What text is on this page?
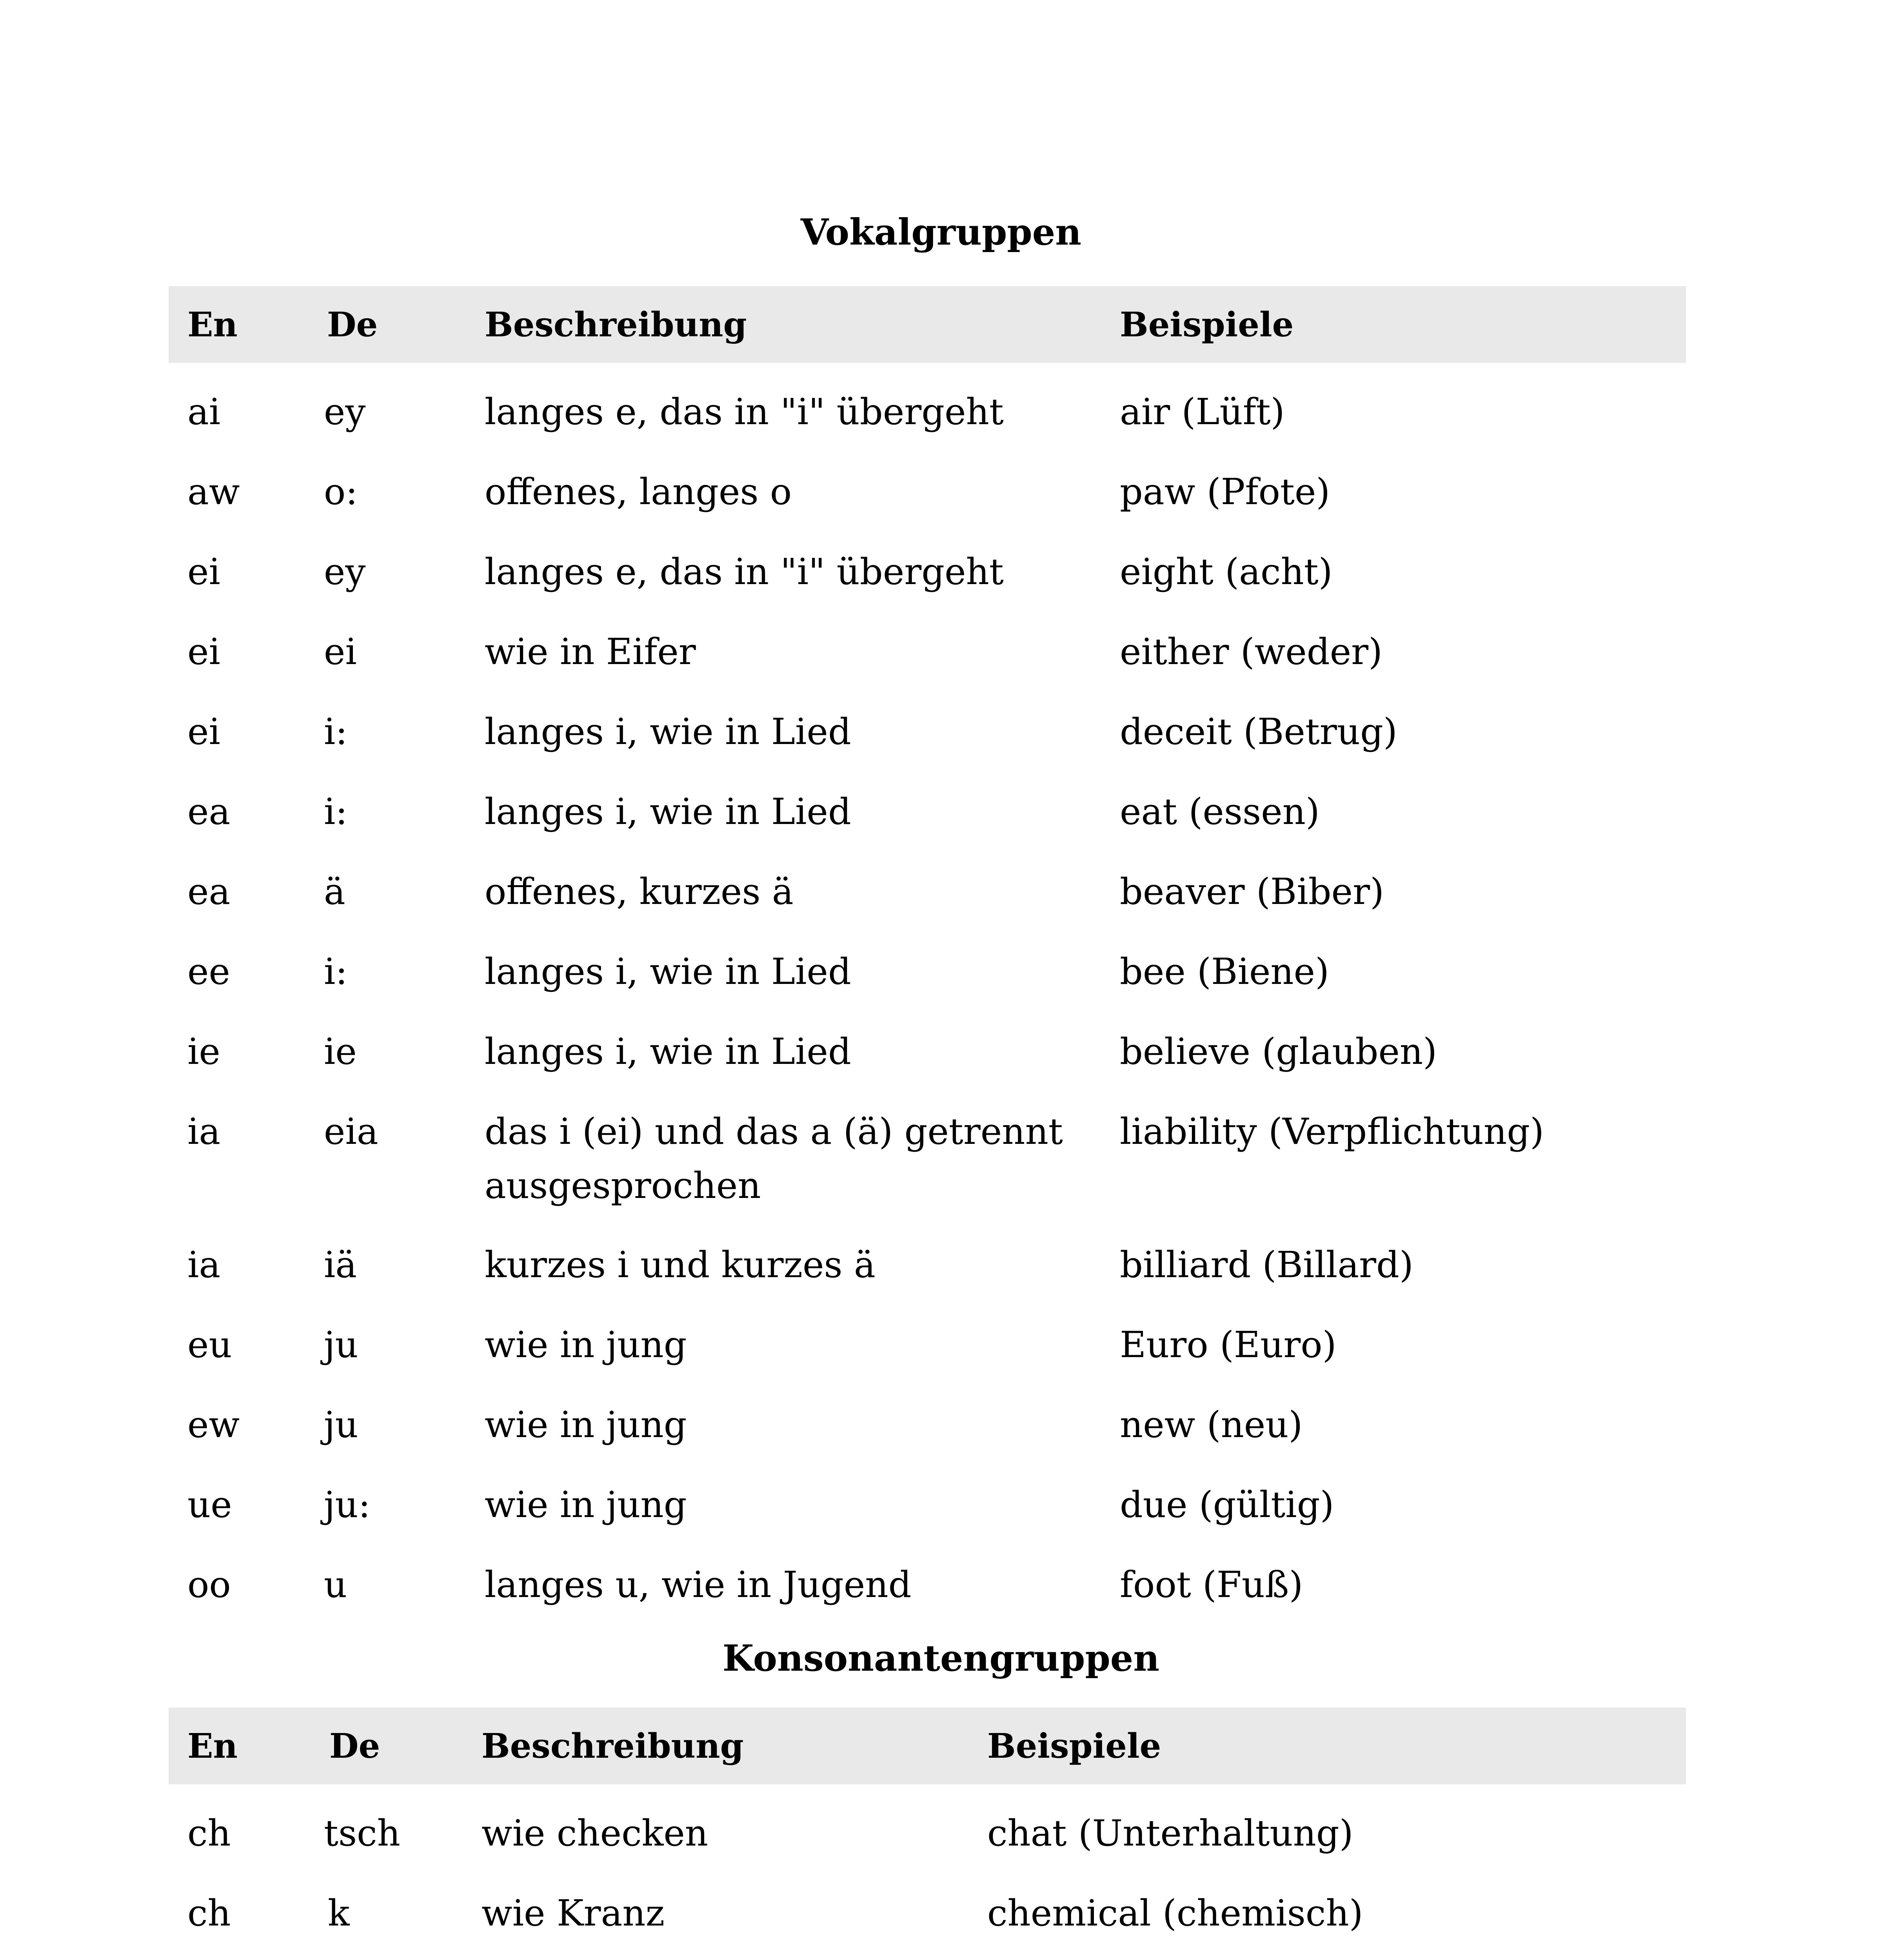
Vokalgruppen
En	De	Beschreibung	Beispiele
ai	ey	langes e, das in "i" übergeht	air (Lüft)
aw	o:	offenes, langes o	paw (Pfote)
ei	ey	langes e, das in "i" übergeht	eight (acht)
ei	ei	wie in Eifer	either (weder)
ei	i:	langes i, wie in Lied	deceit (Betrug)
ea	i:	langes i, wie in Lied	eat (essen)
ea	ä	offenes, kurzes ä	beaver (Biber)
ee	i:	langes i, wie in Lied	bee (Biene)
ie	ie	langes i, wie in Lied	believe (glauben)
ia	eia	das i (ei) und das a (ä) getrennt ausgesprochen	liability (Verpflichtung)
ia	iä	kurzes i und kurzes ä	billiard (Billard)
eu	ju	wie in jung	Euro (Euro)
ew	ju	wie in jung	new (neu)
ue	ju:	wie in jung	due (gültig)
oo	u	langes u, wie in Jugend	foot (Fuß)
Konsonantengruppen
En	De	Beschreibung	Beispiele
ch	tsch	wie checken	chat (Unterhaltung)
ch	k	wie Kranz	chemical (chemisch)
